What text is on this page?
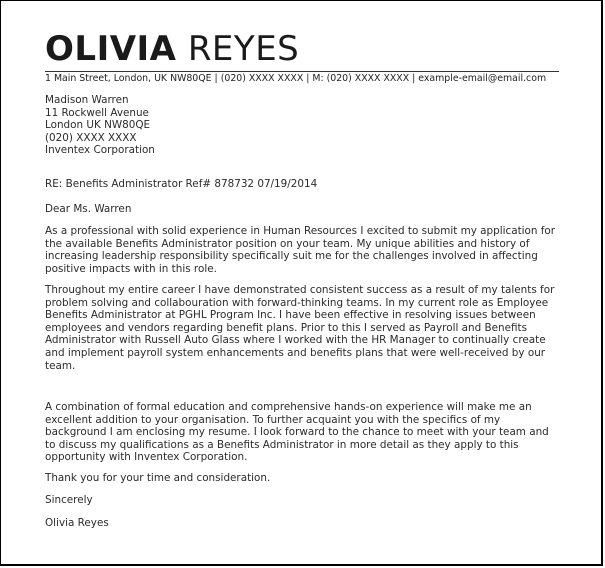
OLIVIA REYES
1 Main Street, London, UK NW80QE | (020) XXXX XXXX | M: (020) XXXX XXXX | example-email@email.com
Madison Warren
11 Rockwell Avenue
London UK NW80QE
(020) XXXX XXXX
Inventex Corporation
RE: Benefits Administrator Ref# 878732 07/19/2014
Dear Ms. Warren
As a professional with solid experience in Human Resources I excited to submit my application for the available Benefits Administrator position on your team. My unique abilities and history of increasing leadership responsibility specifically suit me for the challenges involved in affecting positive impacts with in this role.
Throughout my entire career I have demonstrated consistent success as a result of my talents for problem solving and collabouration with forward-thinking teams. In my current role as Employee Benefits Administrator at PGHL Program Inc. I have been effective in resolving issues between employees and vendors regarding benefit plans. Prior to this I served as Payroll and Benefits Administrator with Russell Auto Glass where I worked with the HR Manager to continually create and implement payroll system enhancements and benefits plans that were well-received by our team.
A combination of formal education and comprehensive hands-on experience will make me an excellent addition to your organisation. To further acquaint you with the specifics of my background I am enclosing my resume. I look forward to the chance to meet with your team and to discuss my qualifications as a Benefits Administrator in more detail as they apply to this opportunity with Inventex Corporation.
Thank you for your time and consideration.
Sincerely
Olivia Reyes
